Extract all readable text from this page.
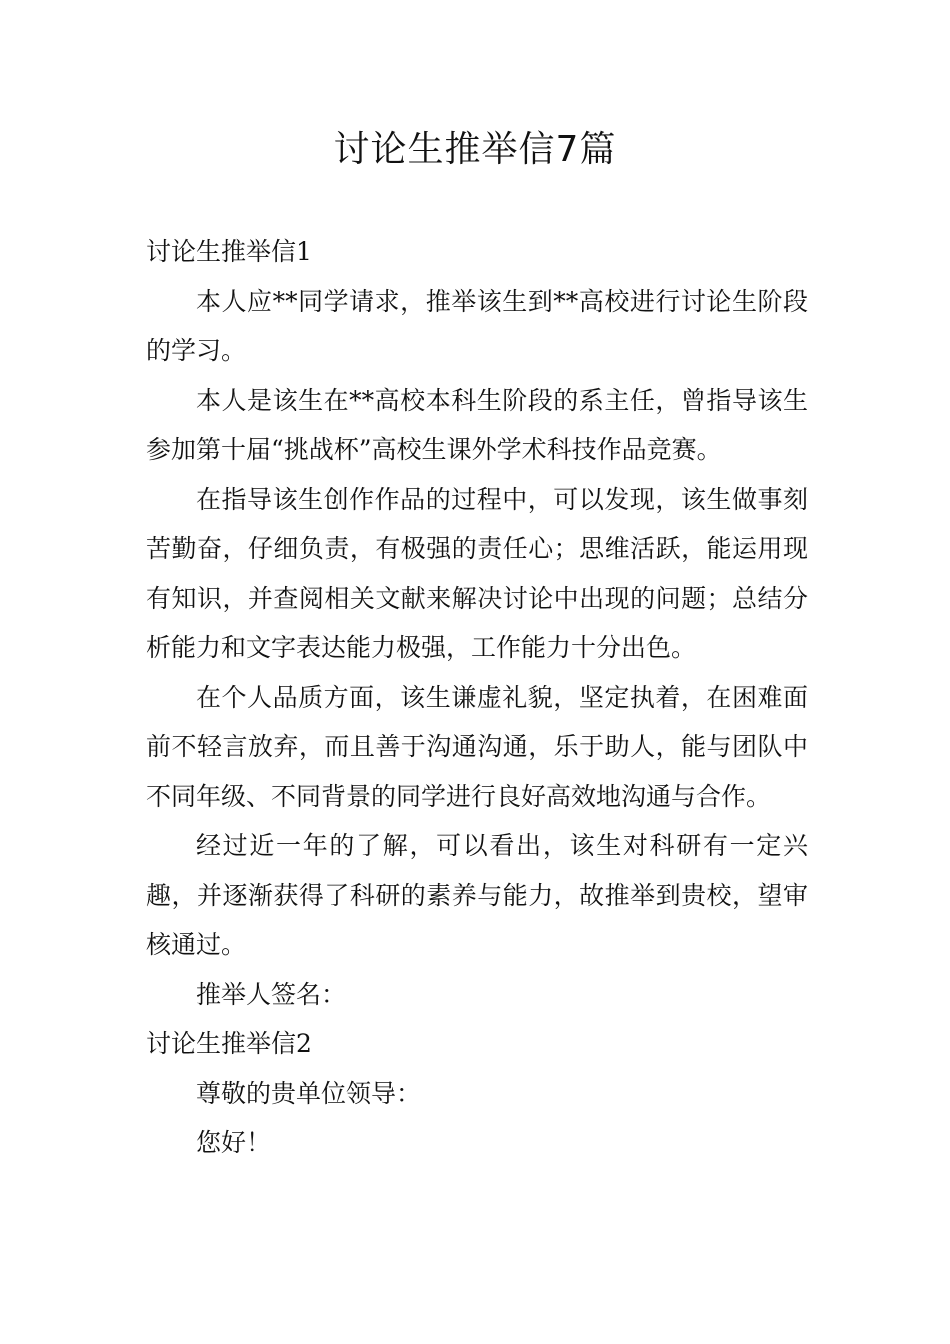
讨论生推举信7篇

讨论生推举信1

本人应**同学请求，推举该生到**高校进行讨论生阶段的学习。

本人是该生在**高校本科生阶段的系主任，曾指导该生参加第十届“挑战杯”高校生课外学术科技作品竞赛。

在指导该生创作作品的过程中，可以发现，该生做事刻苦勤奋，仔细负责，有极强的责任心；思维活跃，能运用现有知识，并查阅相关文献来解决讨论中出现的问题；总结分析能力和文字表达能力极强，工作能力十分出色。

在个人品质方面，该生谦虚礼貌，坚定执着，在困难面前不轻言放弃，而且善于沟通沟通，乐于助人，能与团队中不同年级、不同背景的同学进行良好高效地沟通与合作。

经过近一年的了解，可以看出，该生对科研有一定兴趣，并逐渐获得了科研的素养与能力，故推举到贵校，望审核通过。

推举人签名：

讨论生推举信2

尊敬的贵单位领导：

您好！
